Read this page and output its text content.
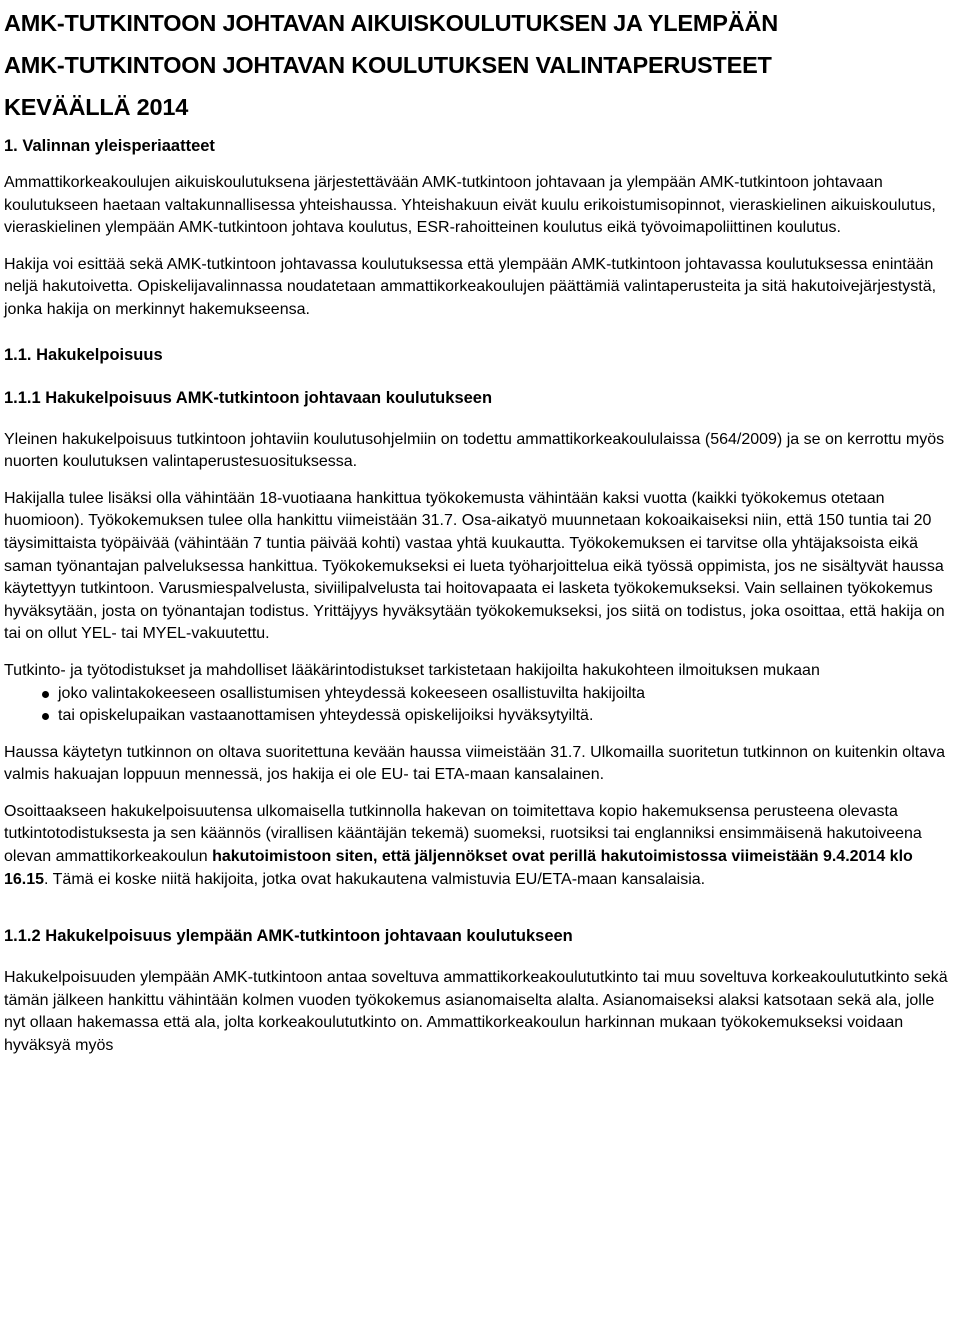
AMK-TUTKINTOON JOHTAVAN AIKUISKOULUTUKSEN JA YLEMPÄÄN
AMK-TUTKINTOON JOHTAVAN KOULUTUKSEN VALINTAPERUSTEET
KEVÄÄLLÄ 2014
1. Valinnan yleisperiaatteet

Ammattikorkeakoulujen aikuiskoulutuksena järjestettävään AMK-tutkintoon johtavaan ja ylempään AMK-tutkintoon johtavaan koulutukseen haetaan valtakunnallisessa yhteishaussa. Yhteishakuun eivät kuulu erikoistumisopinnot, vieraskielinen aikuiskoulutus, vieraskielinen ylempään AMK-tutkintoon johtava koulutus, ESR-rahoitteinen koulutus eikä työvoimapoliittinen koulutus.

Hakija voi esittää sekä AMK-tutkintoon johtavassa koulutuksessa että ylempään AMK-tutkintoon johtavassa koulutuksessa enintään neljä hakutoivetta. Opiskelijavalinnassa noudatetaan ammattikorkeakoulujen päättämiä valintaperusteita ja sitä hakutoivejärjestystä, jonka hakija on merkinnyt hakemukseensa.

1.1. Hakukelpoisuus
1.1.1 Hakukelpoisuus AMK-tutkintoon johtavaan koulutukseen

Yleinen hakukelpoisuus tutkintoon johtaviin koulutusohjelmiin on todettu ammattikorkeakoululaissa (564/2009) ja se on kerrottu myös nuorten koulutuksen valintaperustesuosituksessa.

Hakijalla tulee lisäksi olla vähintään 18-vuotiaana hankittua työkokemusta vähintään kaksi vuotta (kaikki työkokemus otetaan huomioon). Työkokemuksen tulee olla hankittu viimeistään 31.7. Osa-aikatyö muunnetaan kokoaikaiseksi niin, että 150 tuntia tai 20 täysimittaista työpäivää (vähintään 7 tuntia päivää kohti) vastaa yhtä kuukautta. Työkokemuksen ei tarvitse olla yhtäjaksoista eikä saman työnantajan palveluksessa hankittua. Työkokemukseksi ei lueta työharjoittelua eikä työssä oppimista, jos ne sisältyvät haussa käytettyyn tutkintoon. Varusmiespalvelusta, siviilipalvelusta tai hoitovapaata ei lasketa työkokemukseksi. Vain sellainen työkokemus hyväksytään, josta on työnantajan todistus. Yrittäjyys hyväksytään työkokemukseksi, jos siitä on todistus, joka osoittaa, että hakija on tai on ollut YEL- tai MYEL-vakuutettu.

Tutkinto- ja työtodistukset ja mahdolliset lääkärintodistukset tarkistetaan hakijoilta hakukohteen ilmoituksen mukaan

joko valintakokeeseen osallistumisen yhteydessä kokeeseen osallistuvilta hakijoilta
tai opiskelupaikan vastaanottamisen yhteydessä opiskelijoiksi hyväksytyiltä.

Haussa käytetyn tutkinnon on oltava suoritettuna kevään haussa viimeistään 31.7. Ulkomailla suoritetun tutkinnon on kuitenkin oltava valmis hakuajan loppuun mennessä, jos hakija ei ole EU- tai ETA-maan kansalainen.

Osoittaakseen hakukelpoisuutensa ulkomaisella tutkinnolla hakevan on toimitettava kopio hakemuksensa perusteena olevasta tutkintotodistuksesta ja sen käännös (virallisen kääntäjän tekemä) suomeksi, ruotsiksi tai englanniksi ensimmäisenä hakutoiveena olevan ammattikorkeakoulun hakutoimistoon siten, että jäljennökset ovat perillä hakutoimistossa viimeistään 9.4.2014 klo 16.15. Tämä ei koske niitä hakijoita, jotka ovat hakukautena valmistuvia EU/ETA-maan kansalaisia.

1.1.2 Hakukelpoisuus ylempään AMK-tutkintoon johtavaan koulutukseen

Hakukelpoisuuden ylempään AMK-tutkintoon antaa soveltuva ammattikorkeakoulututkinto tai muu soveltuva korkeakoulututkinto sekä tämän jälkeen hankittu vähintään kolmen vuoden työkokemus asianomaiselta alalta. Asianomaiseksi alaksi katsotaan sekä ala, jolle nyt ollaan hakemassa että ala, jolta korkeakoulututkinto on. Ammattikorkeakoulun harkinnan mukaan työkokemukseksi voidaan hyväksyä myös
